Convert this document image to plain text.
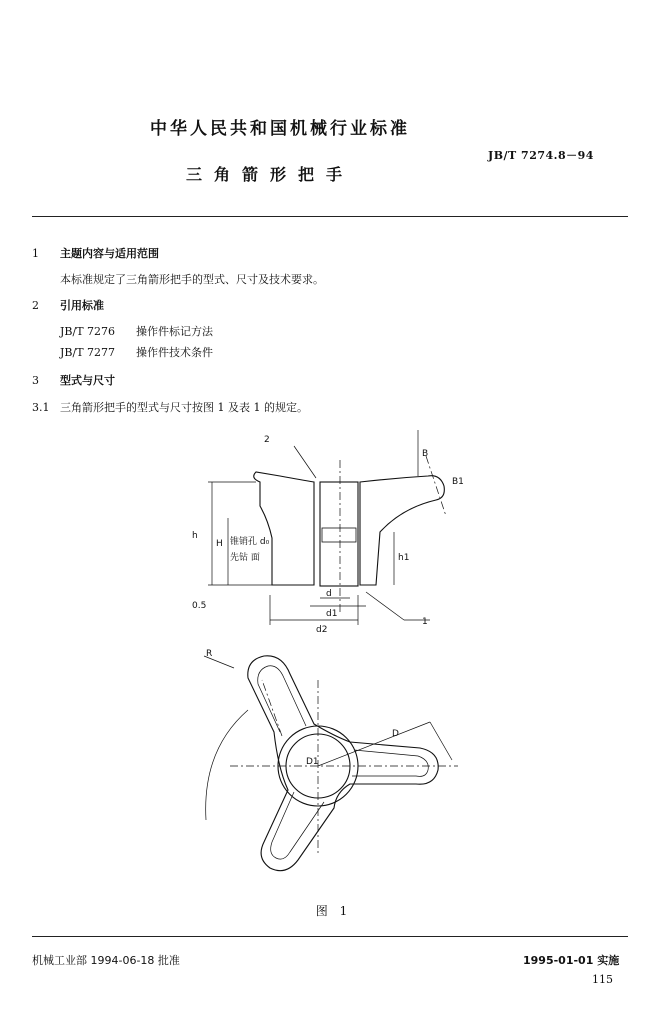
中华人民共和国机械行业标准
JB/T 7274.8－94
三角箭形把手
1 主题内容与适用范围
本标准规定了三角箭形把手的型式、尺寸及技术要求。
2 引用标准
JB/T 7276 操作件标记方法
JB/T 7277 操作件技术条件
3 型式与尺寸
3.1 三角箭形把手的型式与尺寸按图 1 及表 1 的规定。
h
H
h1
B
B1
d
d1
d2
0.5
2
1
锥销孔 d₀
先钻 面
R
D
D1
图 1
机械工业部 1994-06-18 批准	1995-01-01 实施
115
